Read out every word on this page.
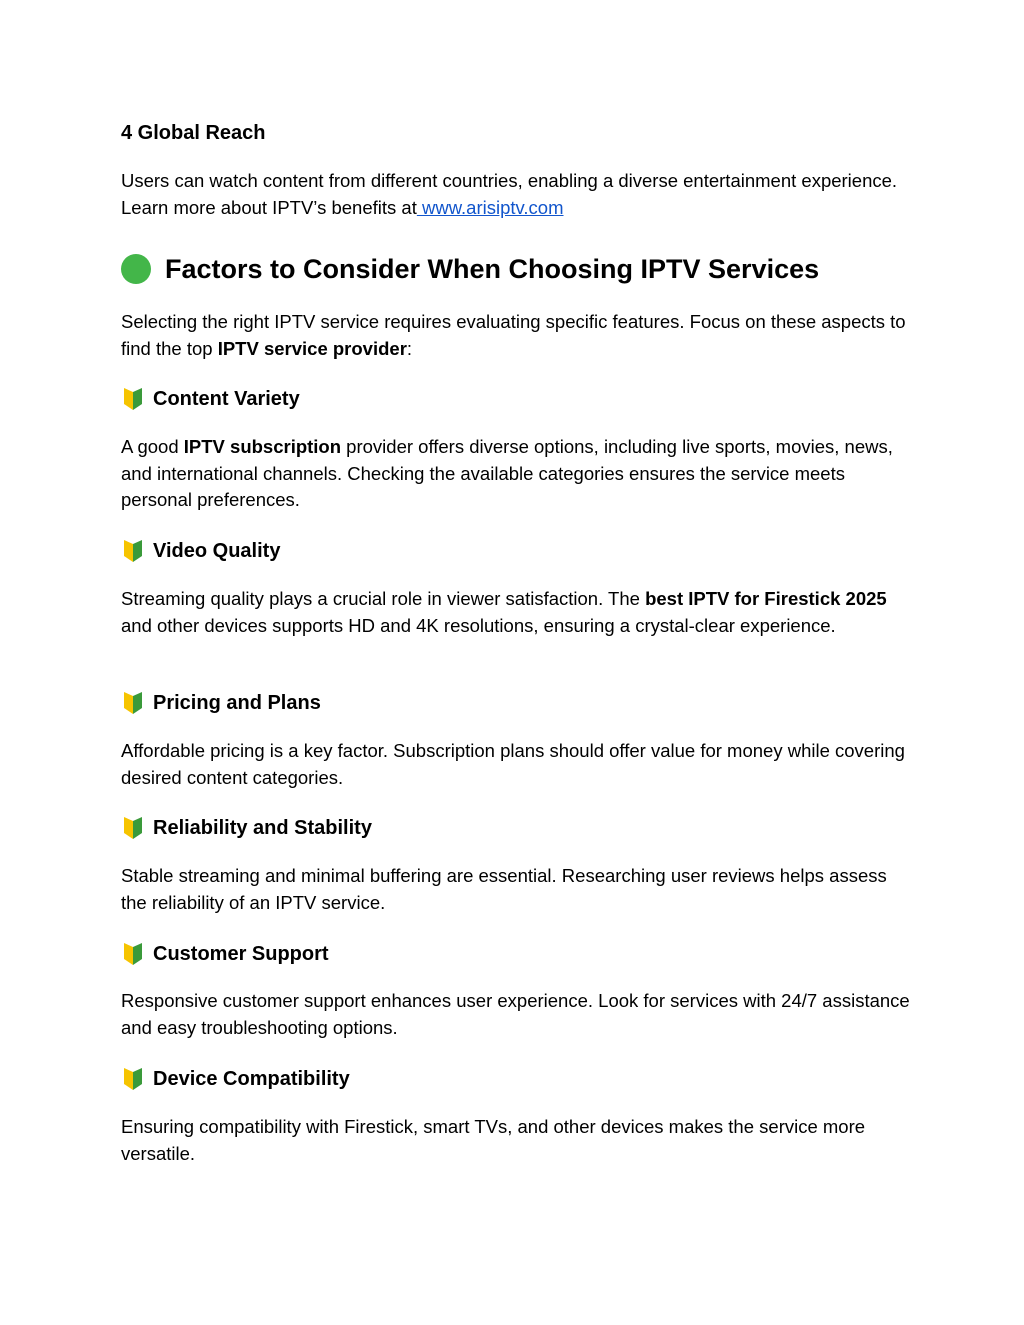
4 Global Reach

Users can watch content from different countries, enabling a diverse entertainment experience. Learn more about IPTV’s benefits at www.arisiptv.com

Factors to Consider When Choosing IPTV Services

Selecting the right IPTV service requires evaluating specific features. Focus on these aspects to find the top IPTV service provider:

Content Variety

A good IPTV subscription provider offers diverse options, including live sports, movies, news, and international channels. Checking the available categories ensures the service meets personal preferences.

Video Quality

Streaming quality plays a crucial role in viewer satisfaction. The best IPTV for Firestick 2025 and other devices supports HD and 4K resolutions, ensuring a crystal-clear experience.

Pricing and Plans

Affordable pricing is a key factor. Subscription plans should offer value for money while covering desired content categories.

Reliability and Stability

Stable streaming and minimal buffering are essential. Researching user reviews helps assess the reliability of an IPTV service.

Customer Support

Responsive customer support enhances user experience. Look for services with 24/7 assistance and easy troubleshooting options.

Device Compatibility

Ensuring compatibility with Firestick, smart TVs, and other devices makes the service more versatile.
